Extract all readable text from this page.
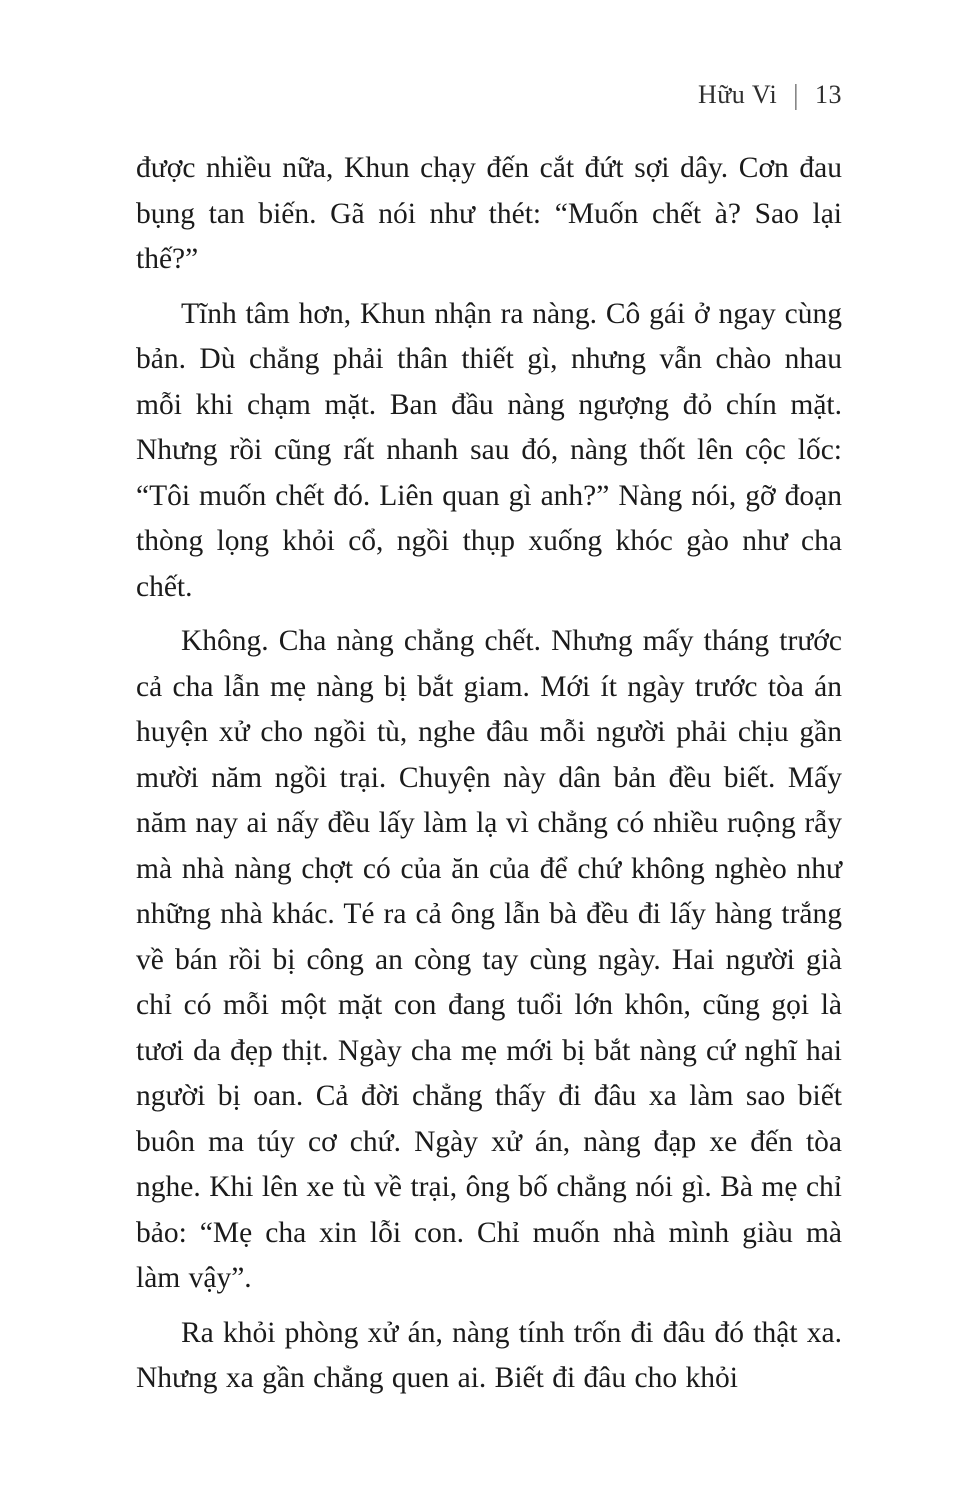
Hữu Vi | 13

được nhiều nữa, Khun chạy đến cắt đứt sợi dây. Cơn đau bụng tan biến. Gã nói như thét: “Muốn chết à? Sao lại thế?”

Tĩnh tâm hơn, Khun nhận ra nàng. Cô gái ở ngay cùng bản. Dù chẳng phải thân thiết gì, nhưng vẫn chào nhau mỗi khi chạm mặt. Ban đầu nàng ngượng đỏ chín mặt. Nhưng rồi cũng rất nhanh sau đó, nàng thốt lên cộc lốc: “Tôi muốn chết đó. Liên quan gì anh?” Nàng nói, gỡ đoạn thòng lọng khỏi cổ, ngồi thụp xuống khóc gào như cha chết.

Không. Cha nàng chẳng chết. Nhưng mấy tháng trước cả cha lẫn mẹ nàng bị bắt giam. Mới ít ngày trước tòa án huyện xử cho ngồi tù, nghe đâu mỗi người phải chịu gần mười năm ngồi trại. Chuyện này dân bản đều biết. Mấy năm nay ai nấy đều lấy làm lạ vì chẳng có nhiều ruộng rẫy mà nhà nàng chợt có của ăn của để chứ không nghèo như những nhà khác. Té ra cả ông lẫn bà đều đi lấy hàng trắng về bán rồi bị công an còng tay cùng ngày. Hai người già chỉ có mỗi một mặt con đang tuổi lớn khôn, cũng gọi là tươi da đẹp thịt. Ngày cha mẹ mới bị bắt nàng cứ nghĩ hai người bị oan. Cả đời chẳng thấy đi đâu xa làm sao biết buôn ma túy cơ chứ. Ngày xử án, nàng đạp xe đến tòa nghe. Khi lên xe tù về trại, ông bố chẳng nói gì. Bà mẹ chỉ bảo: “Mẹ cha xin lỗi con. Chỉ muốn nhà mình giàu mà làm vậy”.

Ra khỏi phòng xử án, nàng tính trốn đi đâu đó thật xa. Nhưng xa gần chẳng quen ai. Biết đi đâu cho khỏi
